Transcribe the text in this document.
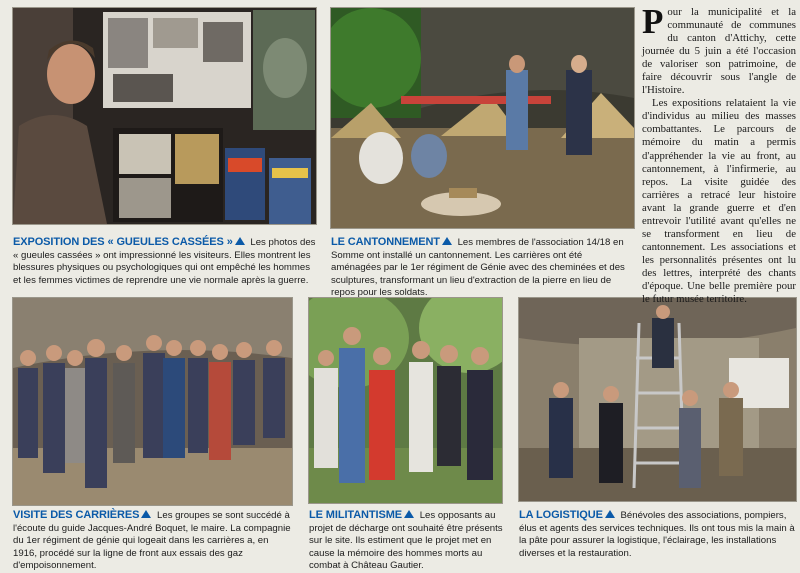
EXPOSITION DES « GUEULES CASSÉES » Les photos des « gueules cassées » ont impressionné les visiteurs. Elles montrent les blessures physiques ou psychologiques qui ont empêché les hommes et les femmes victimes de reprendre une vie normale après la guerre.
LE CANTONNEMENT Les membres de l'association 14/18 en Somme ont installé un cantonnement. Les carrières ont été aménagées par le 1er régiment de Génie avec des cheminées et des sculptures, transformant un lieu d'extraction de la pierre en lieu de repos pour les soldats.
VISITE DES CARRIÈRES Les groupes se sont succédé à l'écoute du guide Jacques-André Boquet, le maire. La compagnie du 1er régiment de génie qui logeait dans les carrières a, en 1916, procédé sur la ligne de front aux essais des gaz d'empoisonnement.
LE MILITANTISME Les opposants au projet de décharge ont souhaité être présents sur le site. Ils estiment que le projet met en cause la mémoire des hommes morts au combat à Château Gautier.
LA LOGISTIQUE Bénévoles des associations, pompiers, élus et agents des services techniques. Ils ont tous mis la main à la pâte pour assurer la logistique, l'éclairage, les installations diverses et la restauration.

Pour la municipalité et la communauté de communes du canton d'Attichy, cette journée du 5 juin a été l'occasion de valoriser son patrimoine, de faire découvrir sous l'angle de l'Histoire.

Les expositions relataient la vie d'individus au milieu des masses combattantes. Le parcours de mémoire du matin a permis d'appréhender la vie au front, au cantonnement, à l'infirmerie, au repos. La visite guidée des carrières a retracé leur histoire avant la grande guerre et d'en entrevoir l'utilité avant qu'elles ne se transforment en lieu de cantonnement. Les associations et les personnalités présentes ont lu des lettres, interprété des chants d'époque. Une belle première pour le futur musée territoire.
